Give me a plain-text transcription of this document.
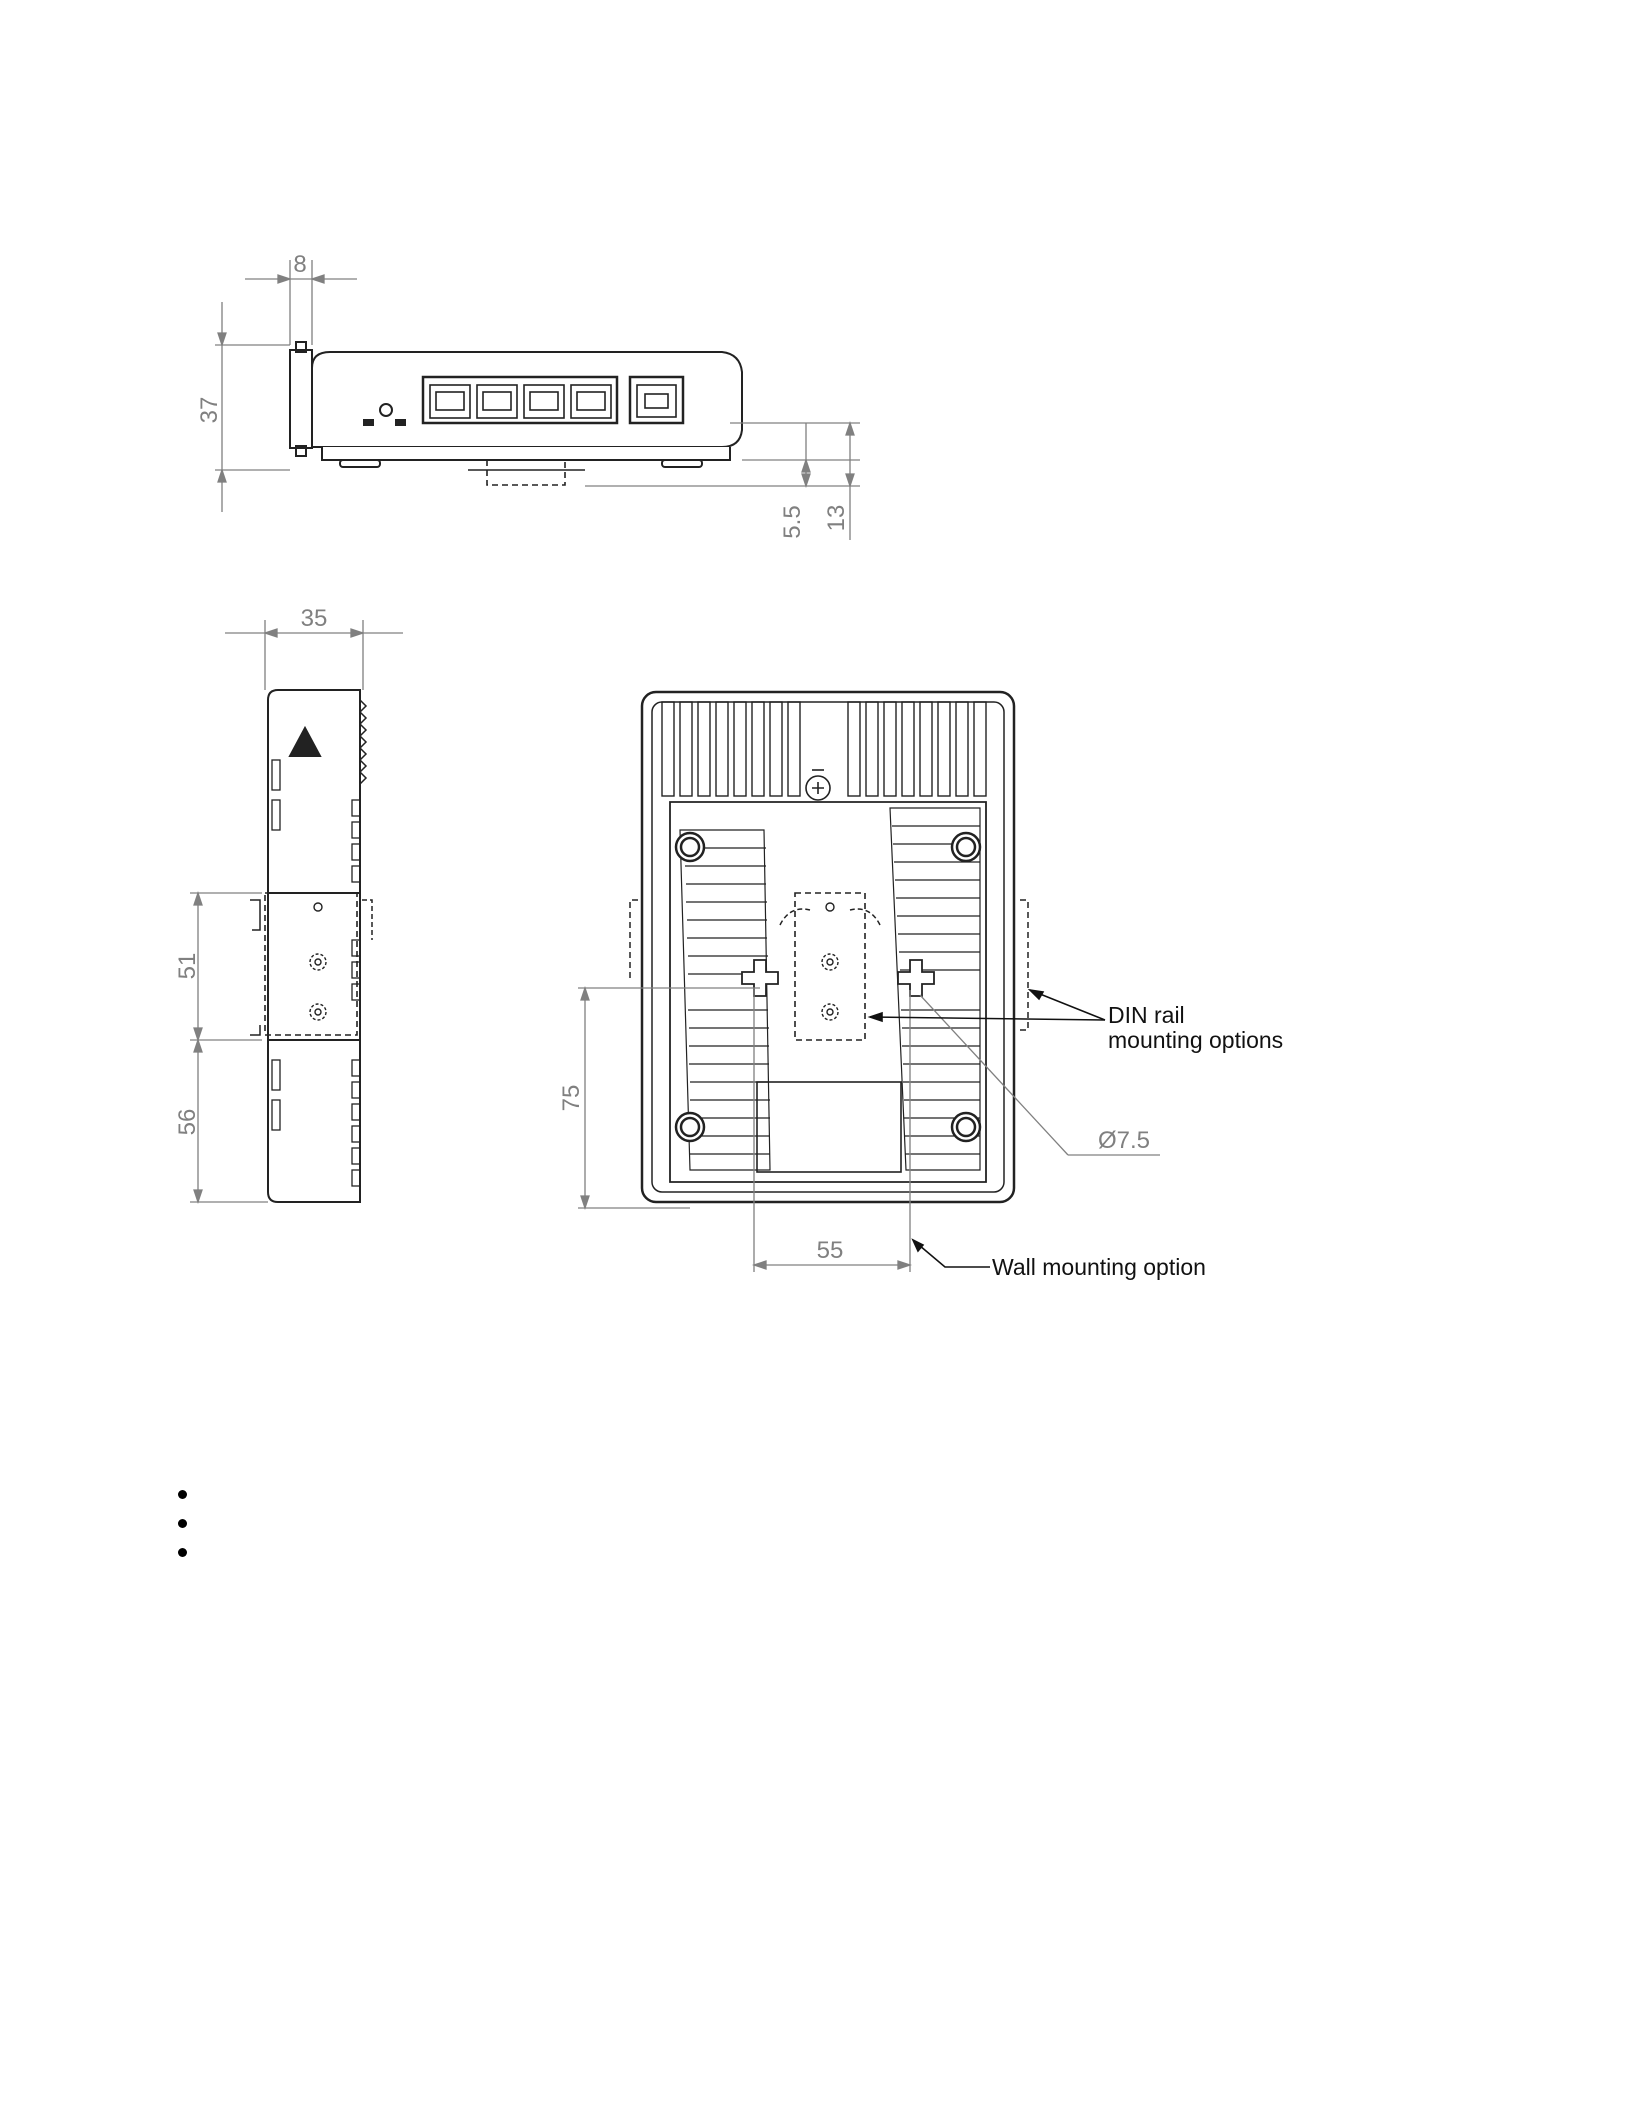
8
37
5.5 13
35
51
56
75
55
Ø7.5
DIN rail
mounting options
Wall mounting option
